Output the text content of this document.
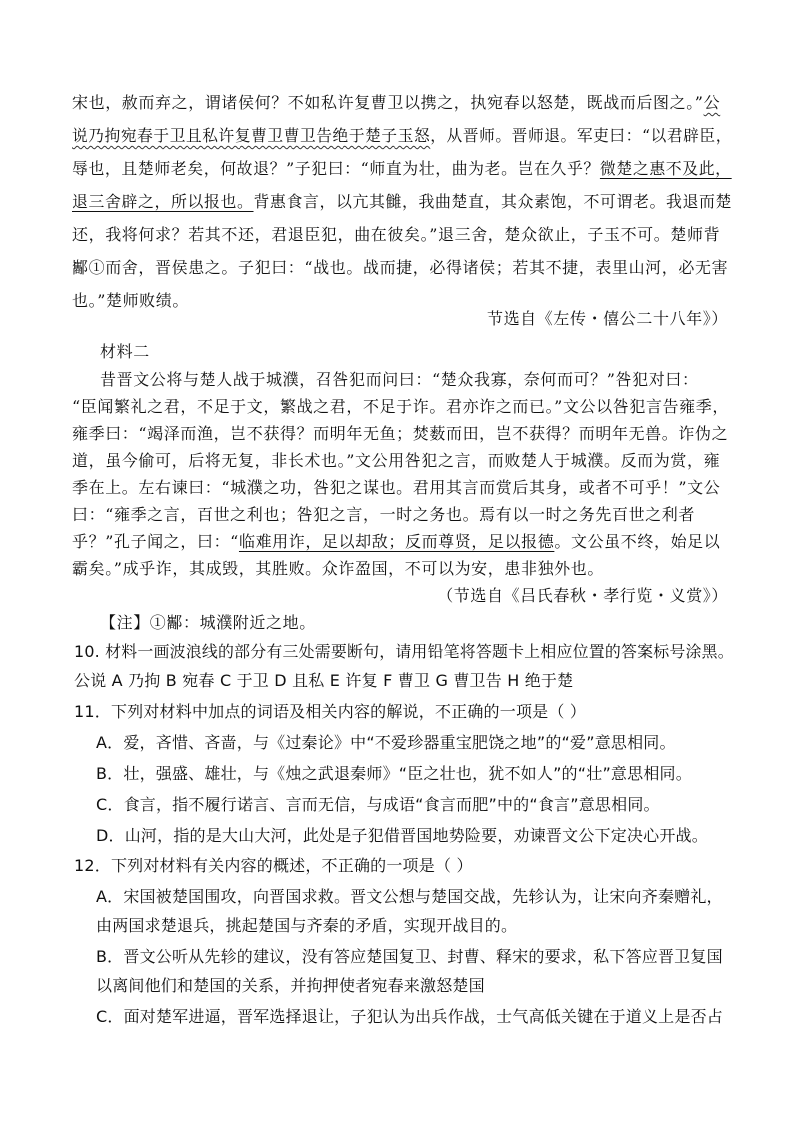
宋也，赦而弃之，谓诸侯何？不如私许复曹卫以携之，执宛春以怒楚，既战而后图之。”公
说乃拘宛春于卫且私许复曹卫曹卫告绝于楚子玉怒，从晋师。晋师退。军吏曰：“以君辟臣，
辱也，且楚师老矣，何故退？”子犯曰：“师直为壮，曲为老。岂在久乎？微楚之惠不及此，
退三舍辟之，所以报也。背惠食言，以亢其雠，我曲楚直，其众素饱，不可谓老。我退而楚
还，我将何求？若其不还，君退臣犯，曲在彼矣。”退三舍，楚众欲止，子玉不可。楚师背
酅①而舍，晋侯患之。子犯曰：“战也。战而捷，必得诸侯；若其不捷，表里山河，必无害
也。”楚师败绩。
节选自《左传・僖公二十八年》）
材料二
昔晋文公将与楚人战于城濮，召咎犯而问曰：“楚众我寡，奈何而可？”咎犯对曰：
“臣闻繁礼之君，不足于文，繁战之君，不足于诈。君亦诈之而已。”文公以咎犯言告雍季，
雍季曰：“竭泽而渔，岂不获得？而明年无鱼；焚薮而田，岂不获得？而明年无兽。诈伪之
道，虽今偷可，后将无复，非长术也。”文公用咎犯之言，而败楚人于城濮。反而为赏，雍
季在上。左右谏曰：“城濮之功，咎犯之谋也。君用其言而赏后其身，或者不可乎！”文公
曰：“雍季之言，百世之利也；咎犯之言，一时之务也。焉有以一时之务先百世之利者
乎？”孔子闻之，曰：“临难用诈，足以却敌；反而尊贤，足以报德。文公虽不终，始足以
霸矣。”成乎诈，其成毁，其胜败。众诈盈国，不可以为安，患非独外也。
（节选自《吕氏春秋・孝行览・义赏》）
【注】①酅：城濮附近之地。
10. 材料一画波浪线的部分有三处需要断句，请用铅笔将答题卡上相应位置的答案标号涂黑。
公说 A 乃拘 B 宛春 C 于卫 D 且私 E 许复 F 曹卫 G 曹卫告 H 绝于楚
11．下列对材料中加点的词语及相关内容的解说，不正确的一项是（ ）
A．爱，吝惜、吝啬，与《过秦论》中“不爱珍器重宝肥饶之地”的“爱”意思相同。
B．壮，强盛、雄壮，与《烛之武退秦师》“臣之壮也，犹不如人”的“壮”意思相同。
C．食言，指不履行诺言、言而无信，与成语“食言而肥”中的“食言”意思相同。
D．山河，指的是大山大河，此处是子犯借晋国地势险要，劝谏晋文公下定决心开战。
12．下列对材料有关内容的概述，不正确的一项是（ ）
A．宋国被楚国围攻，向晋国求救。晋文公想与楚国交战，先轸认为，让宋向齐秦赠礼，
由两国求楚退兵，挑起楚国与齐秦的矛盾，实现开战目的。
B．晋文公听从先轸的建议，没有答应楚国复卫、封曹、释宋的要求，私下答应晋卫复国
以离间他们和楚国的关系，并拘押使者宛春来激怒楚国
C．面对楚军进逼，晋军选择退让，子犯认为出兵作战，士气高低关键在于道义上是否占
